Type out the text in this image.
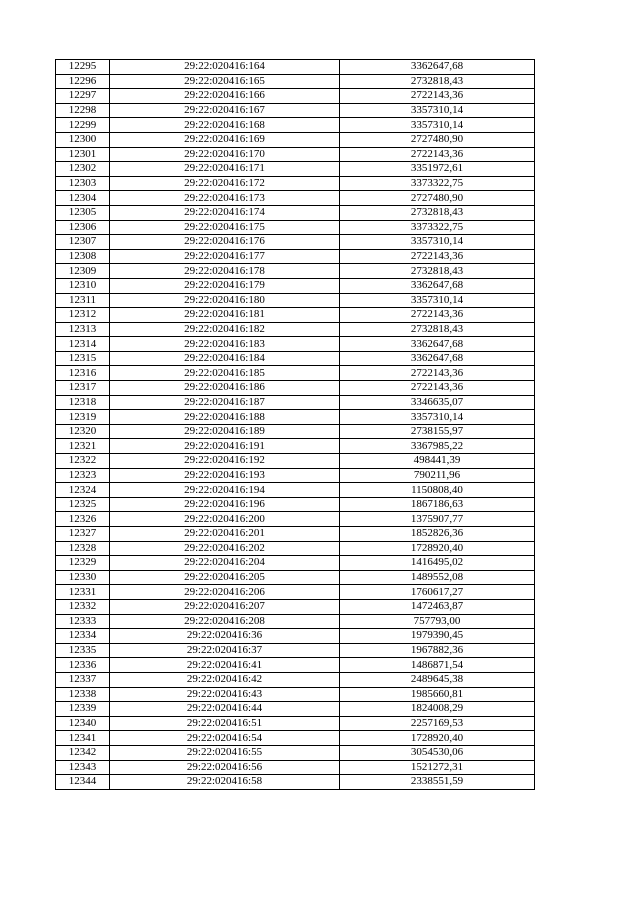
12295	29:22:020416:164	3362647,68
12296	29:22:020416:165	2732818,43
12297	29:22:020416:166	2722143,36
12298	29:22:020416:167	3357310,14
12299	29:22:020416:168	3357310,14
12300	29:22:020416:169	2727480,90
12301	29:22:020416:170	2722143,36
12302	29:22:020416:171	3351972,61
12303	29:22:020416:172	3373322,75
12304	29:22:020416:173	2727480,90
12305	29:22:020416:174	2732818,43
12306	29:22:020416:175	3373322,75
12307	29:22:020416:176	3357310,14
12308	29:22:020416:177	2722143,36
12309	29:22:020416:178	2732818,43
12310	29:22:020416:179	3362647,68
12311	29:22:020416:180	3357310,14
12312	29:22:020416:181	2722143,36
12313	29:22:020416:182	2732818,43
12314	29:22:020416:183	3362647,68
12315	29:22:020416:184	3362647,68
12316	29:22:020416:185	2722143,36
12317	29:22:020416:186	2722143,36
12318	29:22:020416:187	3346635,07
12319	29:22:020416:188	3357310,14
12320	29:22:020416:189	2738155,97
12321	29:22:020416:191	3367985,22
12322	29:22:020416:192	498441,39
12323	29:22:020416:193	790211,96
12324	29:22:020416:194	1150808,40
12325	29:22:020416:196	1867186,63
12326	29:22:020416:200	1375907,77
12327	29:22:020416:201	1852826,36
12328	29:22:020416:202	1728920,40
12329	29:22:020416:204	1416495,02
12330	29:22:020416:205	1489552,08
12331	29:22:020416:206	1760617,27
12332	29:22:020416:207	1472463,87
12333	29:22:020416:208	757793,00
12334	29:22:020416:36	1979390,45
12335	29:22:020416:37	1967882,36
12336	29:22:020416:41	1486871,54
12337	29:22:020416:42	2489645,38
12338	29:22:020416:43	1985660,81
12339	29:22:020416:44	1824008,29
12340	29:22:020416:51	2257169,53
12341	29:22:020416:54	1728920,40
12342	29:22:020416:55	3054530,06
12343	29:22:020416:56	1521272,31
12344	29:22:020416:58	2338551,59
